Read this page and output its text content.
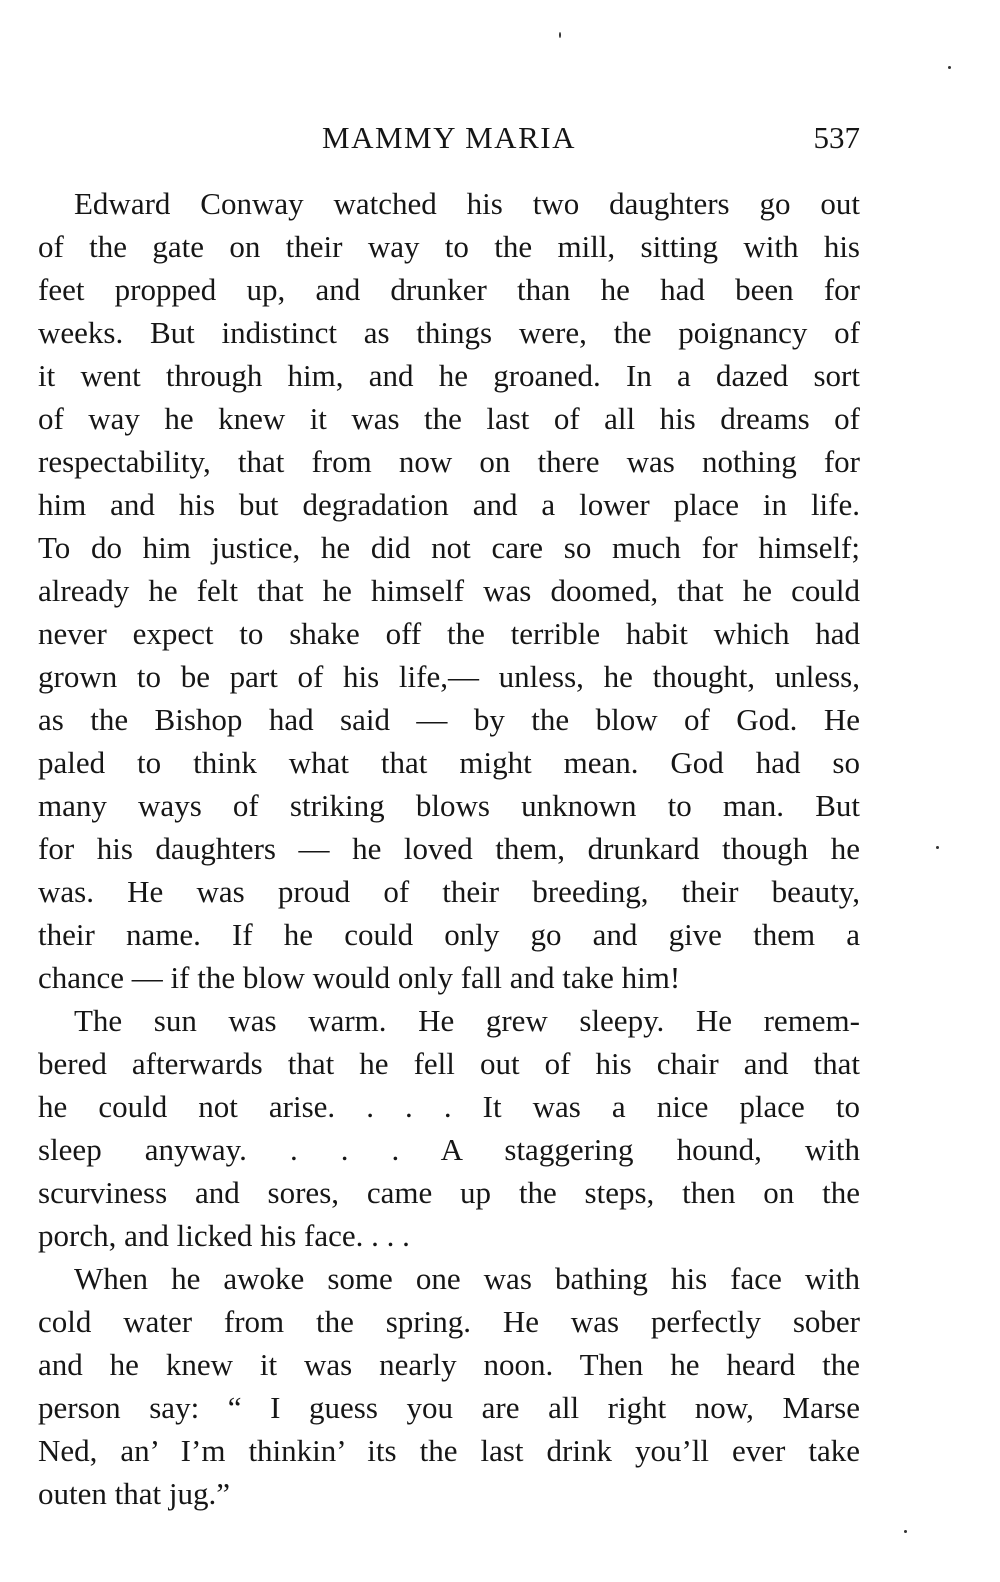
MAMMY MARIA	537
Edward Conway watched his two daughters go out
of the gate on their way to the mill, sitting with his
feet propped up, and drunker than he had been for
weeks. But indistinct as things were, the poignancy of
it went through him, and he groaned. In a dazed sort
of way he knew it was the last of all his dreams of
respectability, that from now on there was nothing for
him and his but degradation and a lower place in life.
To do him justice, he did not care so much for himself;
already he felt that he himself was doomed, that he could
never expect to shake off the terrible habit which had
grown to be part of his life,— unless, he thought, unless,
as the Bishop had said — by the blow of God. He
paled to think what that might mean. God had so
many ways of striking blows unknown to man. But
for his daughters — he loved them, drunkard though he
was. He was proud of their breeding, their beauty,
their name. If he could only go and give them a
chance — if the blow would only fall and take him!
The sun was warm. He grew sleepy. He remem-
bered afterwards that he fell out of his chair and that
he could not arise. . . . It was a nice place to
sleep anyway. . . . A staggering hound, with
scurviness and sores, came up the steps, then on the
porch, and licked his face. . . .
When he awoke some one was bathing his face with
cold water from the spring. He was perfectly sober
and he knew it was nearly noon. Then he heard the
person say: “ I guess you are all right now, Marse
Ned, an’ I’m thinkin’ its the last drink you’ll ever take
outen that jug.”
